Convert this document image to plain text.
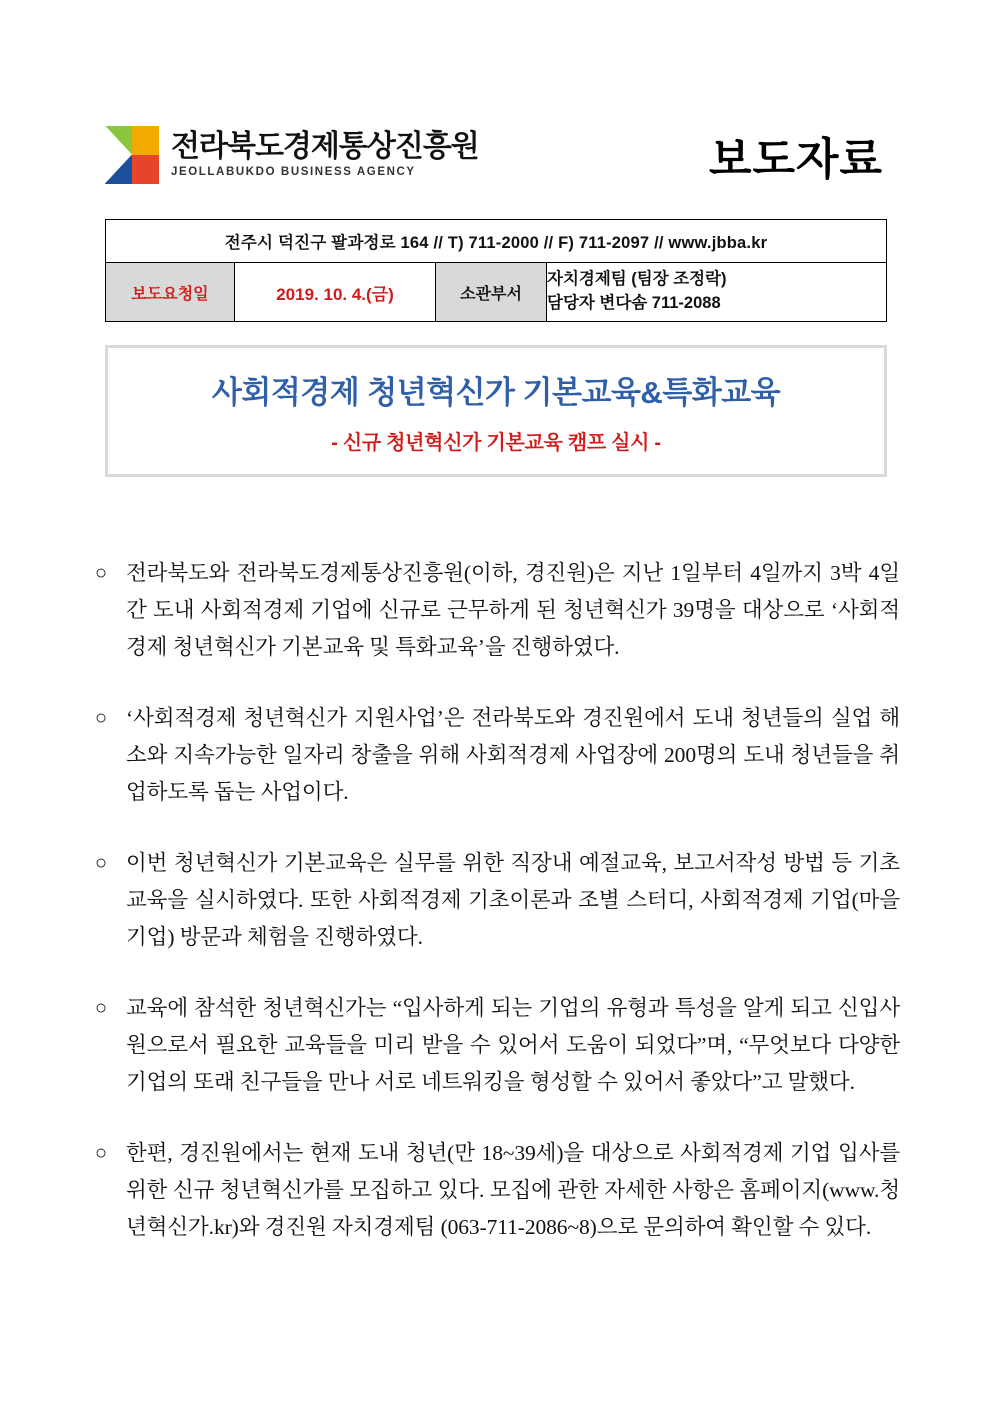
전라북도경제통상진흥원
JEOLLABUKDO BUSINESS AGENCY	보도자료
전주시 덕진구 팔과정로 164 // T) 711-2000 // F) 711-2097 // www.jbba.kr
보도요청일	2019. 10. 4.(금)	소관부서	
자치경제팀 (팀장 조정락)
담당자 변다솜 711-2088
사회적경제 청년혁신가 기본교육&특화교육
- 신규 청년혁신가 기본교육 캠프 실시 -
○ 전라북도와 전라북도경제통상진흥원(이하, 경진원)은 지난 1일부터 4일까지 3박 4일간 도내 사회적경제 기업에 신규로 근무하게 된 청년혁신가 39명을 대상으로 ‘사회적경제 청년혁신가 기본교육 및 특화교육’을 진행하였다.
○ ‘사회적경제 청년혁신가 지원사업’은 전라북도와 경진원에서 도내 청년들의 실업 해소와 지속가능한 일자리 창출을 위해 사회적경제 사업장에 200명의 도내 청년들을 취업하도록 돕는 사업이다.
○ 이번 청년혁신가 기본교육은 실무를 위한 직장내 예절교육, 보고서작성 방법 등 기초 교육을 실시하였다. 또한 사회적경제 기초이론과 조별 스터디, 사회적경제 기업(마을기업) 방문과 체험을 진행하였다.
○ 교육에 참석한 청년혁신가는 “입사하게 되는 기업의 유형과 특성을 알게 되고 신입사원으로서 필요한 교육들을 미리 받을 수 있어서 도움이 되었다”며, “무엇보다 다양한 기업의 또래 친구들을 만나 서로 네트워킹을 형성할 수 있어서 좋았다”고 말했다.
○ 한편, 경진원에서는 현재 도내 청년(만 18~39세)을 대상으로 사회적경제 기업 입사를 위한 신규 청년혁신가를 모집하고 있다. 모집에 관한 자세한 사항은 홈페이지(www.청년혁신가.kr)와 경진원 자치경제팀 (063-711-2086~8)으로 문의하여 확인할 수 있다.
